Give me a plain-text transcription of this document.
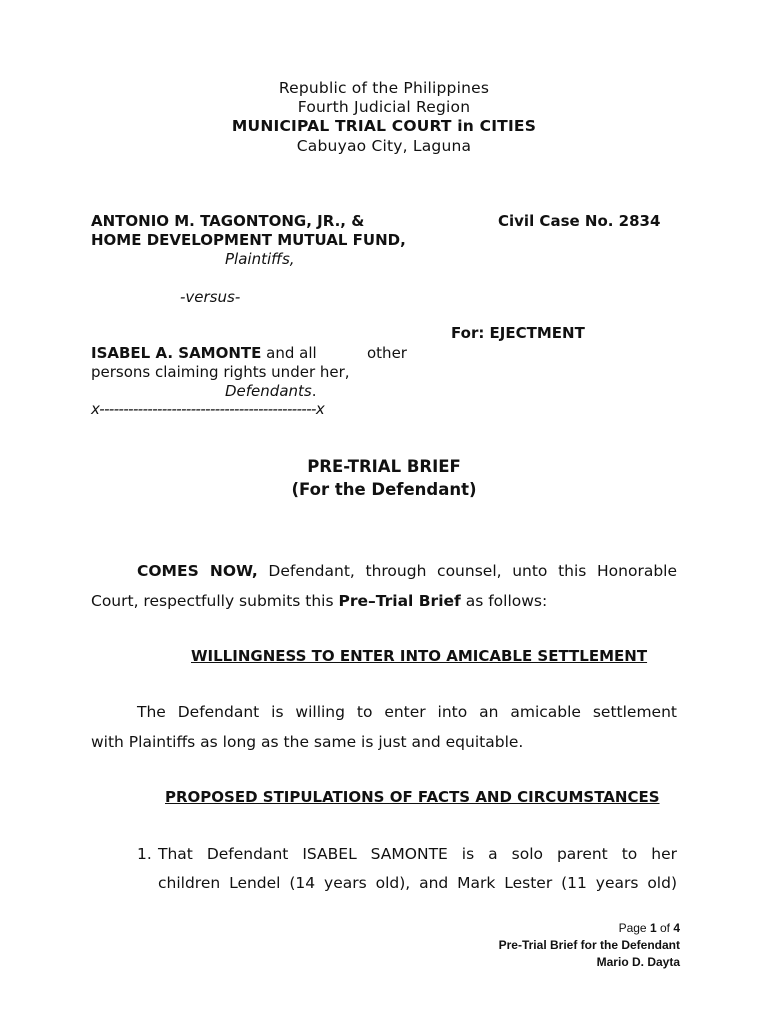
Republic of the Philippines
Fourth Judicial Region
MUNICIPAL TRIAL COURT in CITIES
Cabuyao City, Laguna
ANTONIO M. TAGONTONG, JR., &
HOME DEVELOPMENT MUTUAL FUND,
Plaintiffs,
-versus-
Civil Case No. 2834
For: EJECTMENT
ISABEL A. SAMONTE and all	other
persons claiming rights under her,
Defendants.
x---------------------------------------------x
PRE-TRIAL BRIEF
(For the Defendant)
COMES NOW, Defendant, through counsel, unto this Honorable
Court, respectfully submits this Pre–Trial Brief as follows:
WILLINGNESS TO ENTER INTO AMICABLE SETTLEMENT
The Defendant is willing to enter into an amicable settlement
with Plaintiffs as long as the same is just and equitable.
PROPOSED STIPULATIONS OF FACTS AND CIRCUMSTANCES
1. That Defendant ISABEL SAMONTE is a solo parent to her
children Lendel (14 years old), and Mark Lester (11 years old)
Page 1 of 4
Pre-Trial Brief for the Defendant
Mario D. Dayta
